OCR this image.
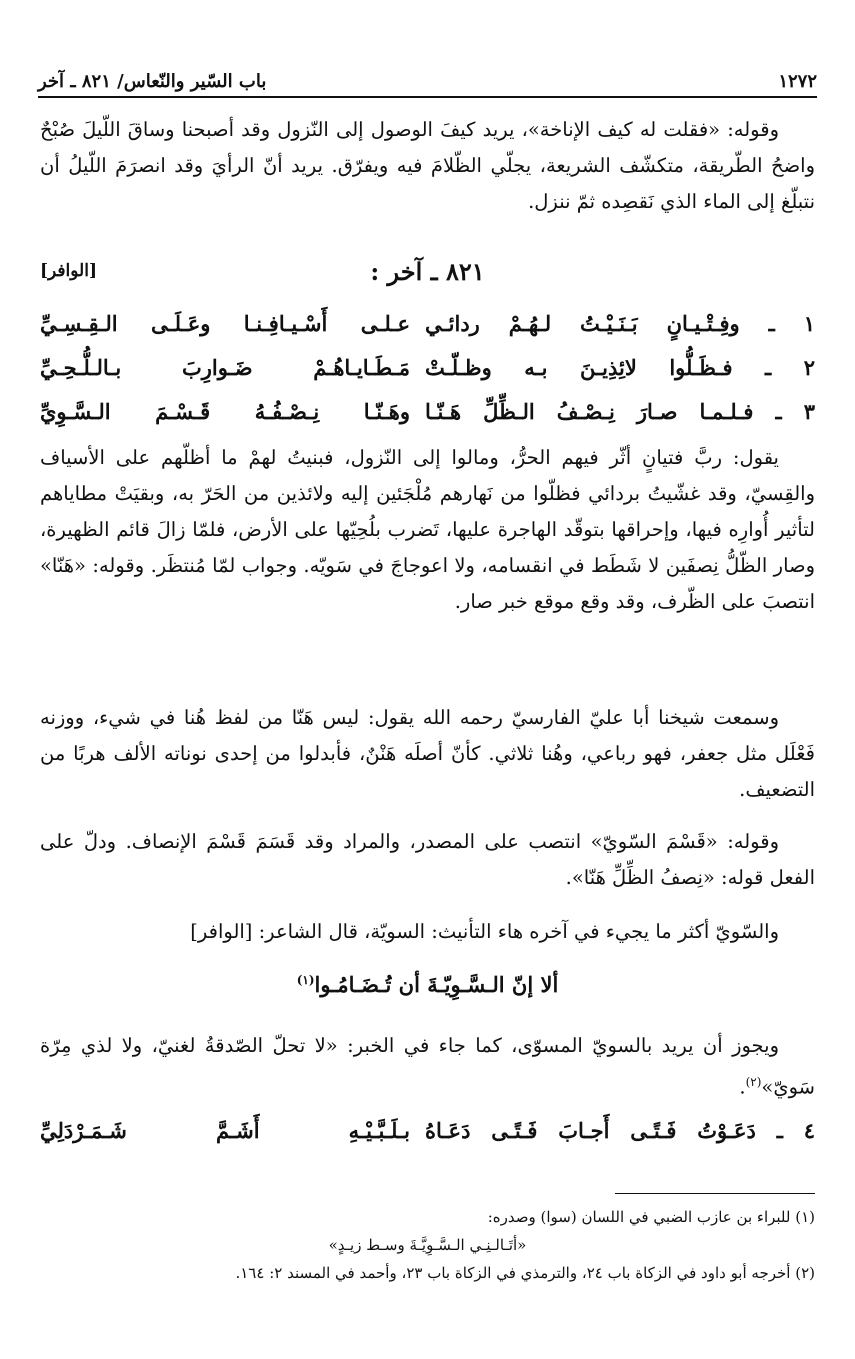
١٢٧٢
باب السّير والنّعاس/ ٨٢١ ـ آخر

وقوله: «فقلت له كيف الإناخة»، يريد كيفَ الوصول إلى النّزول وقد أصبحنا وساقَ اللّيلَ صُبْحٌ واضحُ الطّريقة، متكشّف الشريعة، يجلّي الظّلامَ فيه ويفرّق. يريد أنّ الرأيَ وقد انصرَمَ اللّيلُ أن نتبلّغ إلى الماء الذي نَقصِده ثمّ ننزل.

٨٢١ ـ آخر :
[الوافر]
١ ـ وفِـتْـيـانٍ بَـنَـيْـتُ لـهُـمْ ردائـي
عـلـى أَسْـيـافِـنـا وعَـلَـى الـقِـسِـيِّ
٢ ـ فـظَـلُّوا لائِذِيـنَ بـه وظـلّـتْ
مَـطَـايـاهُـمْ ضَـوارِبَ بـالـلُّـحِـيِّ
٣ ـ فـلـمـا صـارَ نِـصْـفُ الـظِّلِّ هَـنّـا
وهَـنّـا نِـصْـفُـهُ قَـسْـمَ الـسَّـوِيِّ

يقول: ربَّ فتيانٍ أثّر فيهم الحرُّ، ومالوا إلى النّزول، فبنيتُ لهمْ ما أظلّهم على الأسياف والقِسيّ، وقد غشّيتُ بردائي فظلّوا من نَهارهم مُلْجَئين إليه ولائذين من الحَرّ به، وبقيَتْ مطاياهم لتأثير أُوارِه فيها، وإحراقها بتوقّد الهاجرة عليها، تَضرب بلُحِيّها على الأرض، فلمّا زالَ قائم الظهيرة، وصار الظّلُّ نِصفَين لا شَطَط في انقسامه، ولا اعوجاجَ في سَويّه. وجواب لمّا مُنتظَر. وقوله: «هَنّا» انتصبَ على الظّرف، وقد وقع موقع خبر صار.

وسمعت شيخنا أبا عليّ الفارسيّ رحمه الله يقول: ليس هَنّا من لفظ هُنا في شيء، ووزنه فَعْلَل مثل جعفر، فهو رباعي، وهُنا ثلاثي. كأنّ أصلَه هَنْنٌ، فأبدلوا من إحدى نوناته الألف هربًا من التضعيف.

وقوله: «قَسْمَ السّويّ» انتصب على المصدر، والمراد وقد قَسَمَ قَسْمَ الإنصاف. ودلّ على الفعل قوله: «نِصفُ الظِّلِّ هَنّا».

والسّويّ أكثر ما يجيء في آخره هاء التأنيث: السويّة، قال الشاعر: [الوافر]

ألا إنّ الـسَّـوِيّـةَ أن تُـضَـامُـوا$^{(١)}$

ويجوز أن يريد بالسويّ المسوّى، كما جاء في الخبر: «لا تحلّ الصّدقةُ لغنيّ، ولا لذي مِرّة سَويّ»$^{(٢)}$.

٤ ـ دَعَـوْتُ فَـتًـى أَجـابَ فَـتًـى دَعَـاهُ
بـلَـبَّـيْـهِ أَشَـمَّ شَـمَـرْدَلِيِّ
(١) للبراء بن عازب الضبي في اللسان (سوا) وصدره:
«أتَـالـنِـي الـسَّـوِيَّـةَ وسـط زيـدٍ»
(٢) أخرجه أبو داود في الزكاة باب ٢٤، والترمذي في الزكاة باب ٢٣، وأحمد في المسند ٢: ١٦٤.
